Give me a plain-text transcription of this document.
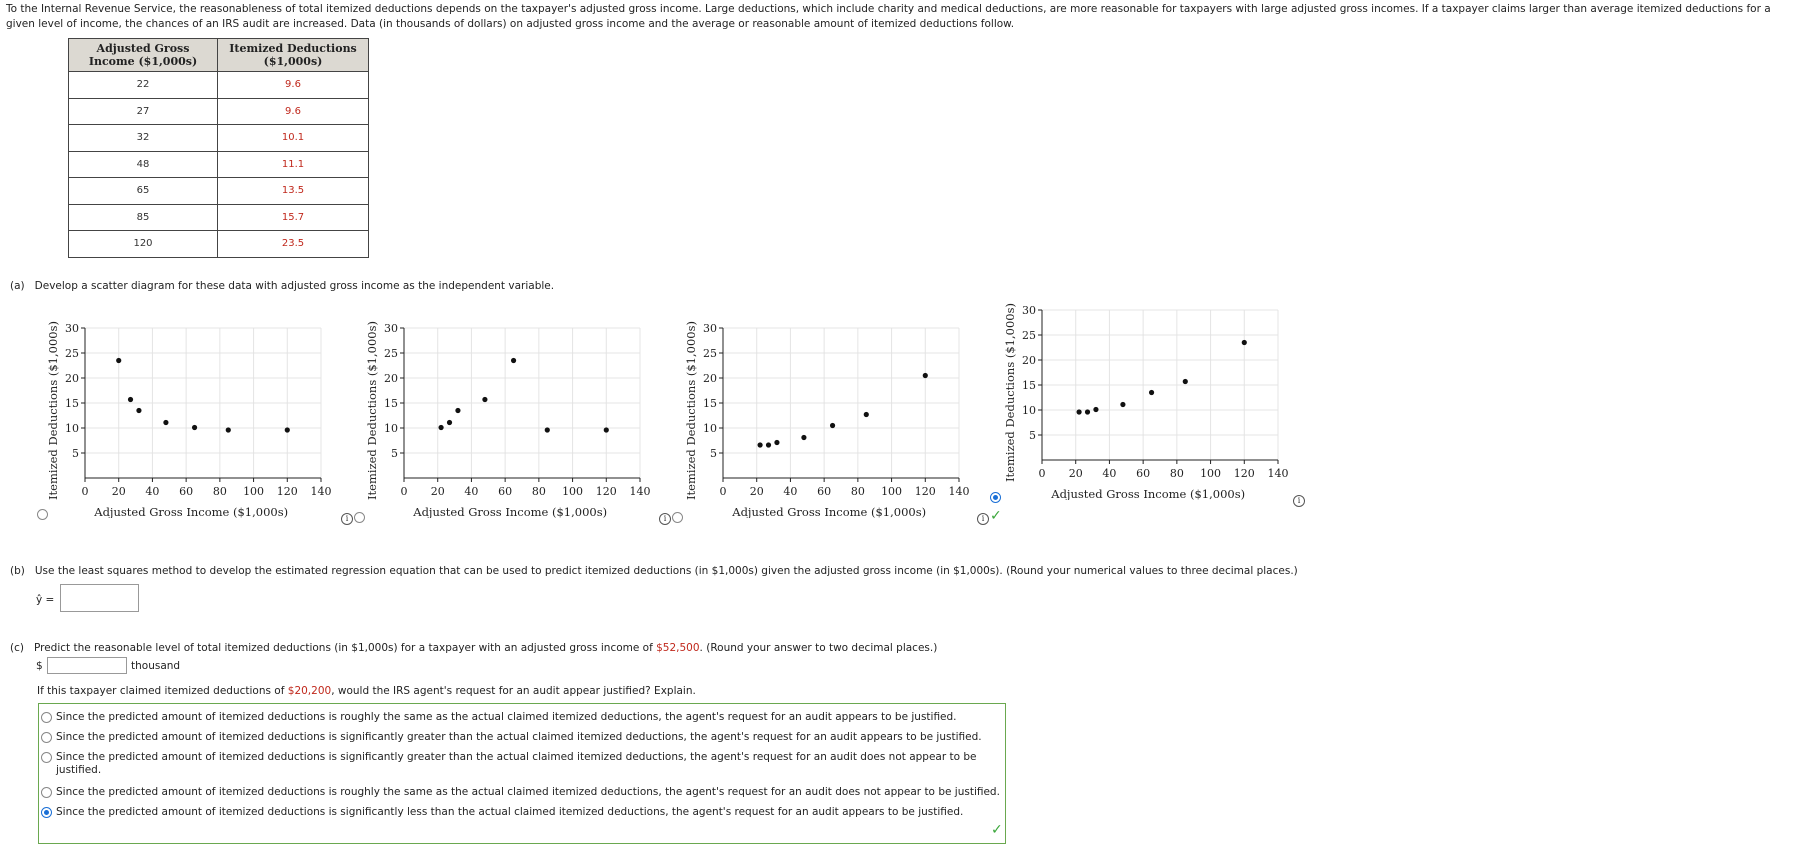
To the Internal Revenue Service, the reasonableness of total itemized deductions depends on the taxpayer's adjusted gross income. Large deductions, which include charity and medical deductions, are more reasonable for taxpayers with large adjusted gross incomes. If a taxpayer claims larger than average itemized deductions for a given level of income, the chances of an IRS audit are increased. Data (in thousands of dollars) on adjusted gross income and the average or reasonable amount of itemized deductions follow.
Adjusted Gross Income ($1,000s)	Itemized Deductions ($1,000s)
22	9.6
27	9.6
32	10.1
48	11.1
65	13.5
85	15.7
120	23.5
(a) Develop a scatter diagram for these data with adjusted gross income as the independent variable.
5
10
15
20
25
30
0 20 40 60 80 100 120 140
Adjusted Gross Income ($1,000s)
Itemized Deductions ($1,000s)	5
10
15
20
25
30
0 20 40 60 80 100 120 140
Adjusted Gross Income ($1,000s)
Itemized Deductions ($1,000s)	5
10
15
20
25
30
0 20 40 60 80 100 120 140
Adjusted Gross Income ($1,000s)
Itemized Deductions ($1,000s)	5
10
15
20
25
30
0 20 40 60 80 100 120 140
Adjusted Gross Income ($1,000s)
Itemized Deductions ($1,000s)
i	i	i ✓
i
(b) Use the least squares method to develop the estimated regression equation that can be used to predict itemized deductions (in $1,000s) given the adjusted gross income (in $1,000s). (Round your numerical values to three decimal places.)
ŷ =
(c) Predict the reasonable level of total itemized deductions (in $1,000s) for a taxpayer with an adjusted gross income of $52,500. (Round your answer to two decimal places.)
$	thousand
If this taxpayer claimed itemized deductions of $20,200, would the IRS agent's request for an audit appear justified? Explain.
Since the predicted amount of itemized deductions is roughly the same as the actual claimed itemized deductions, the agent's request for an audit appears to be justified.
Since the predicted amount of itemized deductions is significantly greater than the actual claimed itemized deductions, the agent's request for an audit appears to be justified.
Since the predicted amount of itemized deductions is significantly greater than the actual claimed itemized deductions, the agent's request for an audit does not appear to be justified.
Since the predicted amount of itemized deductions is roughly the same as the actual claimed itemized deductions, the agent's request for an audit does not appear to be justified.
Since the predicted amount of itemized deductions is significantly less than the actual claimed itemized deductions, the agent's request for an audit appears to be justified.
✓
